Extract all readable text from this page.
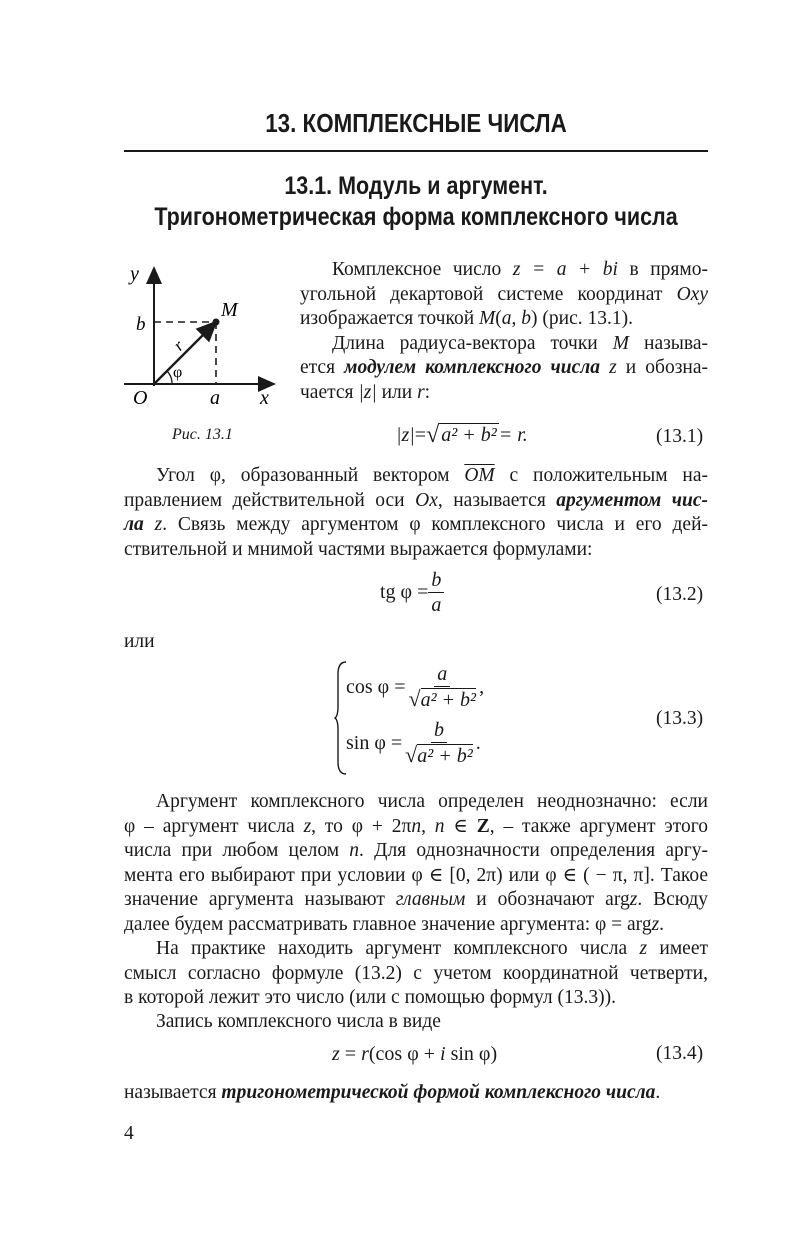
13. КОМПЛЕКСНЫЕ ЧИСЛА
13.1. Модуль и аргумент.
Тригонометрическая форма комплексного числа
y
b
M
r
φ
O	a x
Рис. 13.1
Комплексное число z = a + bi в прямо-
угольной декартовой системе координат Oxy
изображается точкой M(a, b) (рис. 13.1).
Длина радиуса-вектора точки M называ-
ется модулем комплексного числа z и обозна-
чается |z| или r:
|z| = √ a² + b² = r.	(13.1)
Угол φ, образованный вектором $\overline{OM}$ с положительным на-
правлением действительной оси Ox, называется аргументом чис-
ла z. Связь между аргументом φ комплексного числа и его дей-
ствительной и мнимой частями выражается формулами:
tg $\varphi = \frac{b}{a}$	(13.2)
или
$\cos \varphi = \frac{a}{\text{√a² + b²}}$ ,
$\sin \varphi = \frac{b}{\text{√a² + b²}}$ .
(13.3)
Аргумент комплексного числа определен неоднозначно: если
φ – аргумент числа z, то φ + 2πn, n ∈ Z, – также аргумент этого
числа при любом целом n. Для однозначности определения аргу-
мента его выбирают при условии φ ∈ [0, 2π) или φ ∈ ( − π, π]. Такое
значение аргумента называют главным и обозначают argz. Всюду
далее будем рассматривать главное значение аргумента: φ = argz.
На практике находить аргумент комплексного числа z имеет
смысл согласно формуле (13.2) с учетом координатной четверти,
в которой лежит это число (или с помощью формул (13.3)).
Запись комплексного числа в виде
z = r(cos φ + i sin φ)	(13.4)
называется тригонометрической формой комплексного числа.
4
